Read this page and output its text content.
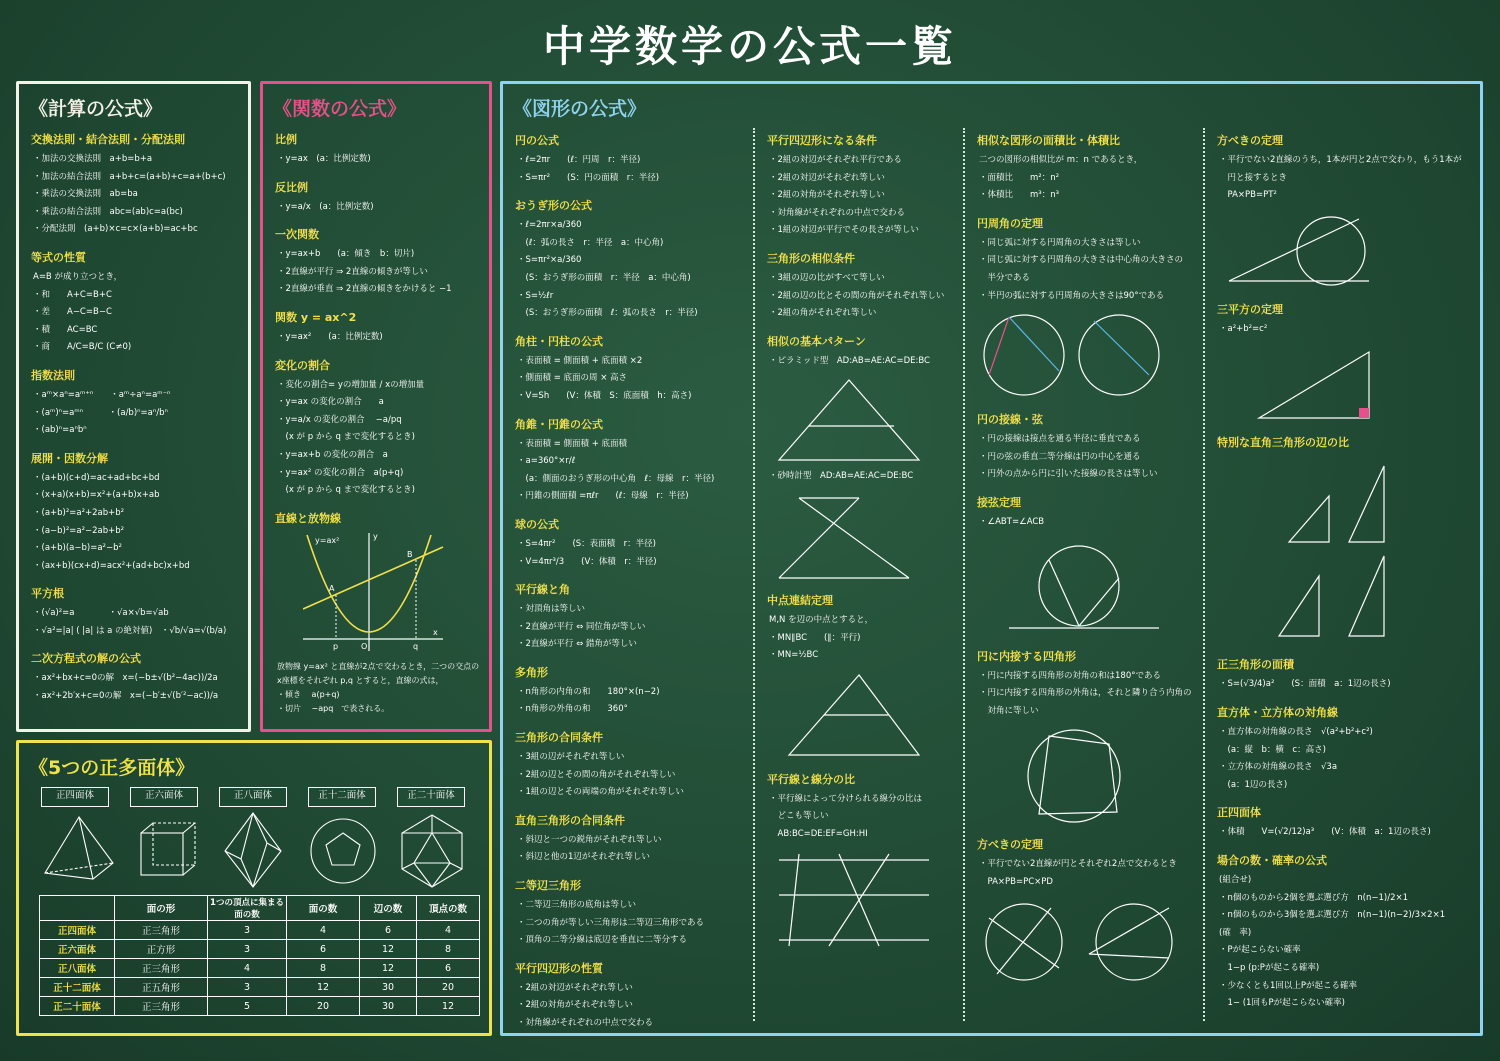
中学数学の公式一覧
《計算の公式》
交換法則・結合法則・分配法則
・加法の交換法則　a+b=b+a
・加法の結合法則　a+b+c=(a+b)+c=a+(b+c)
・乗法の交換法則　ab=ba
・乗法の結合法則　abc=(ab)c=a(bc)
・分配法則　(a+b)×c=c×(a+b)=ac+bc
等式の性質
A=B が成り立つとき，
・和　　A+C=B+C
・差　　A−C=B−C
・積　　AC=BC
・商　　A/C=B/C (C≠0)
指数法則
・aᵐ×aⁿ=aᵐ⁺ⁿ　　・aᵐ÷aⁿ=aᵐ⁻ⁿ
・(aᵐ)ⁿ=aᵐⁿ　　　・(a/b)ⁿ=aⁿ/bⁿ
・(ab)ⁿ=aⁿbⁿ
展開・因数分解
・(a+b)(c+d)=ac+ad+bc+bd
・(x+a)(x+b)=x²+(a+b)x+ab
・(a+b)²=a²+2ab+b²
・(a−b)²=a²−2ab+b²
・(a+b)(a−b)=a²−b²
・(ax+b)(cx+d)=acx²+(ad+bc)x+bd
平方根
・(√a)²=a　　　　・√a×√b=√ab
・√a²=|a| ( |a| は a の絶対値)　・√b/√a=√(b/a)
二次方程式の解の公式
・ax²+bx+c=0の解　x=(−b±√(b²−4ac))/2a
・ax²+2b′x+c=0の解　x=(−b′±√(b′²−ac))/a
《関数の公式》
比例
・y=ax　(a：比例定数)
反比例
・y=a/x　(a：比例定数)
一次関数
・y=ax+b　　(a：傾き　b：切片)
・2直線が平行 ⇒ 2直線の傾きが等しい
・2直線が垂直 ⇒ 2直線の傾きをかけると −1
関数 y = ax^2
・y=ax²　　(a：比例定数)
変化の割合
・変化の割合= yの増加量 / xの増加量
・y=ax の変化の割合　　a
・y=a/x の変化の割合　 −a/pq
　(x が p から q まで変化するとき)
・y=ax+b の変化の割合　a
・y=ax² の変化の割合　a(p+q)
　(x が p から q まで変化するとき)
直線と放物線
y=ax²	y
x
O
p	q
A
B
放物線 y=ax² と直線が2点で交わるとき，二つの交点の
x座標をそれぞれ p,q とすると，直線の式は，
・傾き　 a(p+q)
・切片　 −apq　で表される。
《図形の公式》
円の公式
・ℓ=2πr　　(ℓ：円周　r：半径)
・S=πr²　　(S：円の面積　r：半径)
おうぎ形の公式
・ℓ=2πr×a/360
　(ℓ：弧の長さ　r：半径　a：中心角)
・S=πr²×a/360
　(S：おうぎ形の面積　r：半径　a：中心角)
・S=½ℓr
　(S：おうぎ形の面積　ℓ：弧の長さ　r：半径)
角柱・円柱の公式
・表面積 = 側面積 + 底面積 ×2
・側面積 = 底面の周 × 高さ
・V=Sh　　(V：体積　S：底面積　h：高さ)
角錐・円錐の公式
・表面積 = 側面積 + 底面積
・a=360°×r/ℓ
　(a：側面のおうぎ形の中心角　ℓ：母線　r：半径)
・円錐の側面積 =πℓr　　(ℓ：母線　r：半径)
球の公式
・S=4πr²　　(S：表面積　r：半径)
・V=4πr³/3　　(V：体積　r：半径)
平行線と角
・対頂角は等しい
・2直線が平行 ⇔ 同位角が等しい
・2直線が平行 ⇔ 錯角が等しい
多角形
・n角形の内角の和　　180°×(n−2)
・n角形の外角の和　　360°
三角形の合同条件
・3組の辺がそれぞれ等しい
・2組の辺とその間の角がそれぞれ等しい
・1組の辺とその両端の角がそれぞれ等しい
直角三角形の合同条件
・斜辺と一つの鋭角がそれぞれ等しい
・斜辺と他の1辺がそれぞれ等しい
二等辺三角形
・二等辺三角形の底角は等しい
・二つの角が等しい三角形は二等辺三角形である
・頂角の二等分線は底辺を垂直に二等分する
平行四辺形の性質
・2組の対辺がそれぞれ等しい
・2組の対角がそれぞれ等しい
・対角線がそれぞれの中点で交わる
平行四辺形になる条件
・2組の対辺がそれぞれ平行である
・2組の対辺がそれぞれ等しい
・2組の対角がそれぞれ等しい
・対角線がそれぞれの中点で交わる
・1組の対辺が平行でその長さが等しい
三角形の相似条件
・3組の辺の比がすべて等しい
・2組の辺の比とその間の角がそれぞれ等しい
・2組の角がそれぞれ等しい
相似の基本パターン
・ピラミッド型　AD:AB=AE:AC=DE:BC
・砂時計型　AD:AB=AE:AC=DE:BC
中点連結定理
M,N を辺の中点とすると，
・MN∥BC　　(∥：平行)
・MN=½BC
平行線と線分の比
・平行線によって分けられる線分の比は
　どこも等しい
　AB:BC=DE:EF=GH:HI
相似な図形の面積比・体積比
二つの図形の相似比が m：n であるとき，
・面積比　　m²：n²
・体積比　　m³：n³
円周角の定理
・同じ弧に対する円周角の大きさは等しい
・同じ弧に対する円周角の大きさは中心角の大きさの
　半分である
・半円の弧に対する円周角の大きさは90°である
円の接線・弦
・円の接線は接点を通る半径に垂直である
・円の弦の垂直二等分線は円の中心を通る
・円外の点から円に引いた接線の長さは等しい
接弦定理
・∠ABT=∠ACB
円に内接する四角形
・円に内接する四角形の対角の和は180°である
・円に内接する四角形の外角は，それと隣り合う内角の
　対角に等しい
方べきの定理
・平行でない2直線が円とそれぞれ2点で交わるとき
　PA×PB=PC×PD
方べきの定理
・平行でない2直線のうち，1本が円と2点で交わり，もう1本が
　円と接するとき
　PA×PB=PT²
三平方の定理
・a²+b²=c²
特別な直角三角形の辺の比
正三角形の面積
・S=(√3/4)a²　　(S：面積　a：1辺の長さ)
直方体・立方体の対角線
・直方体の対角線の長さ　√(a²+b²+c²)
　(a：縦　b：横　c：高さ)
・立方体の対角線の長さ　√3a
　(a：1辺の長さ)
正四面体
・体積　　V=(√2/12)a³　　(V：体積　a：1辺の長さ)
場合の数・確率の公式
(組合せ)
・n個のものから2個を選ぶ選び方　n(n−1)/2×1
・n個のものから3個を選ぶ選び方　n(n−1)(n−2)/3×2×1
(確　率)
・Pが起こらない確率
　1−p (p:Pが起こる確率)
・少なくとも1回以上Pが起こる確率
　1− (1回もPが起こらない確率)
《5つの正多面体》
正四面体	正六面体	正八面体	正十二面体	正二十面体
	面の形	1つの頂点に集まる面の数	面の数	辺の数	頂点の数
正四面体	正三角形	3	4	6	4
正六面体	正方形	3	6	12	8
正八面体	正三角形	4	8	12	6
正十二面体	正五角形	3	12	30	20
正二十面体	正三角形	5	20	30	12
